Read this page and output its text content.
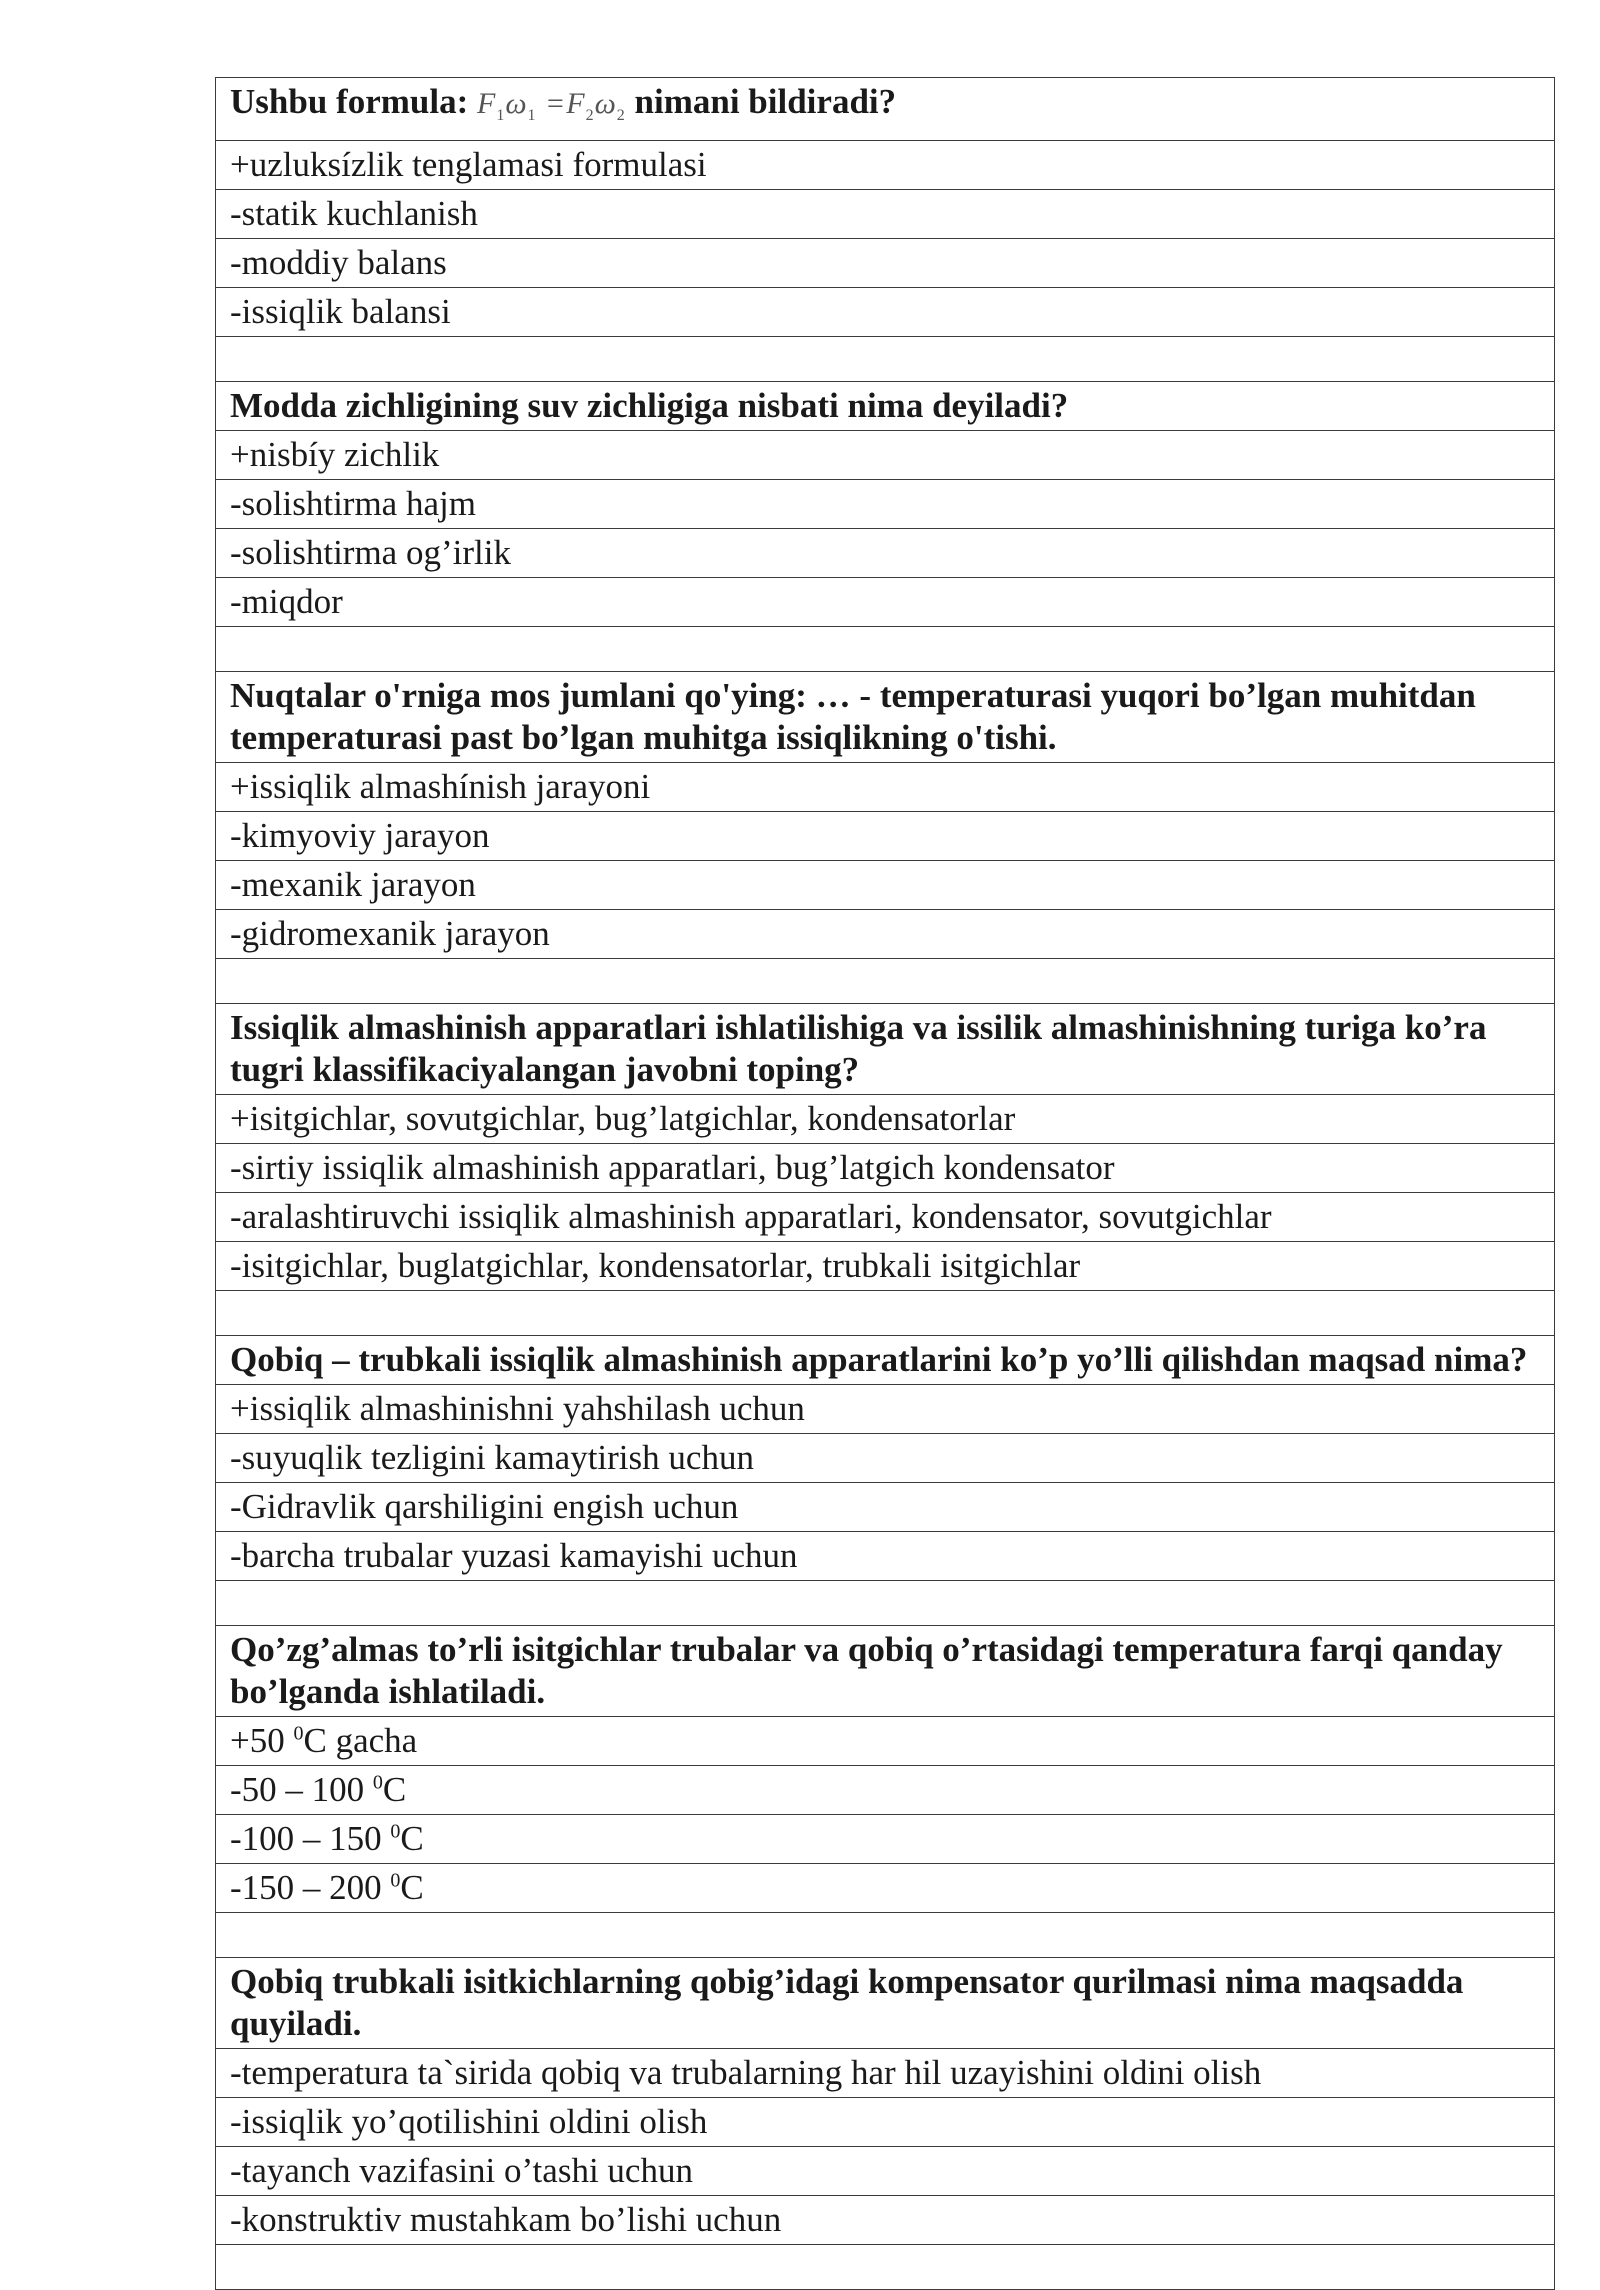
Ushbu formula: $F_1\omega_1 =F_2\omega_2$ nimani bildiradi?
+uzluksízlik tenglamasi formulasi
-statik kuchlanish
-moddiy balans
-issiqlik balansi

Modda zichligining suv zichligiga nisbati nima deyiladi?
+nisbíy zichlik
-solishtirma hajm
-solishtirma og’irlik
-miqdor

Nuqtalar o'rniga mos jumlani qo'ying: … - temperaturasi yuqori bo’lgan muhitdan temperaturasi past bo’lgan muhitga issiqlikning o'tishi.
+issiqlik almashínish jarayoni
-kimyoviy jarayon
-mexanik jarayon
-gidromexanik jarayon

Issiqlik almashinish apparatlari ishlatilishiga va issilik almashinishning turiga ko’ra tugri klassifikaciyalangan javobni toping?
+isitgichlar, sovutgichlar, bug’latgichlar, kondensatorlar
-sirtiy issiqlik almashinish apparatlari, bug’latgich kondensator
-aralashtiruvchi issiqlik almashinish apparatlari, kondensator, sovutgichlar
-isitgichlar, buglatgichlar, kondensatorlar, trubkali isitgichlar

Qobiq – trubkali issiqlik almashinish apparatlarini ko’p yo’lli qilishdan maqsad nima?
+issiqlik almashinishni yahshilash uchun
-suyuqlik tezligini kamaytirish uchun
-Gidravlik qarshiligini engish uchun
-barcha trubalar yuzasi kamayishi uchun

Qo’zg’almas to’rli isitgichlar trubalar va qobiq o’rtasidagi temperatura farqi qanday bo’lganda ishlatiladi.
+50 $^0$C gacha
-50 – 100 $^0$C
-100 – 150 $^0$C
-150 – 200 $^0$C

Qobiq trubkali isitkichlarning qobig’idagi kompensator qurilmasi nima maqsadda quyiladi.
-temperatura ta`sirida qobiq va trubalarning har hil uzayishini oldini olish
-issiqlik yo’qotilishini oldini olish
-tayanch vazifasini o’tashi uchun
-konstruktiv mustahkam bo’lishi uchun
